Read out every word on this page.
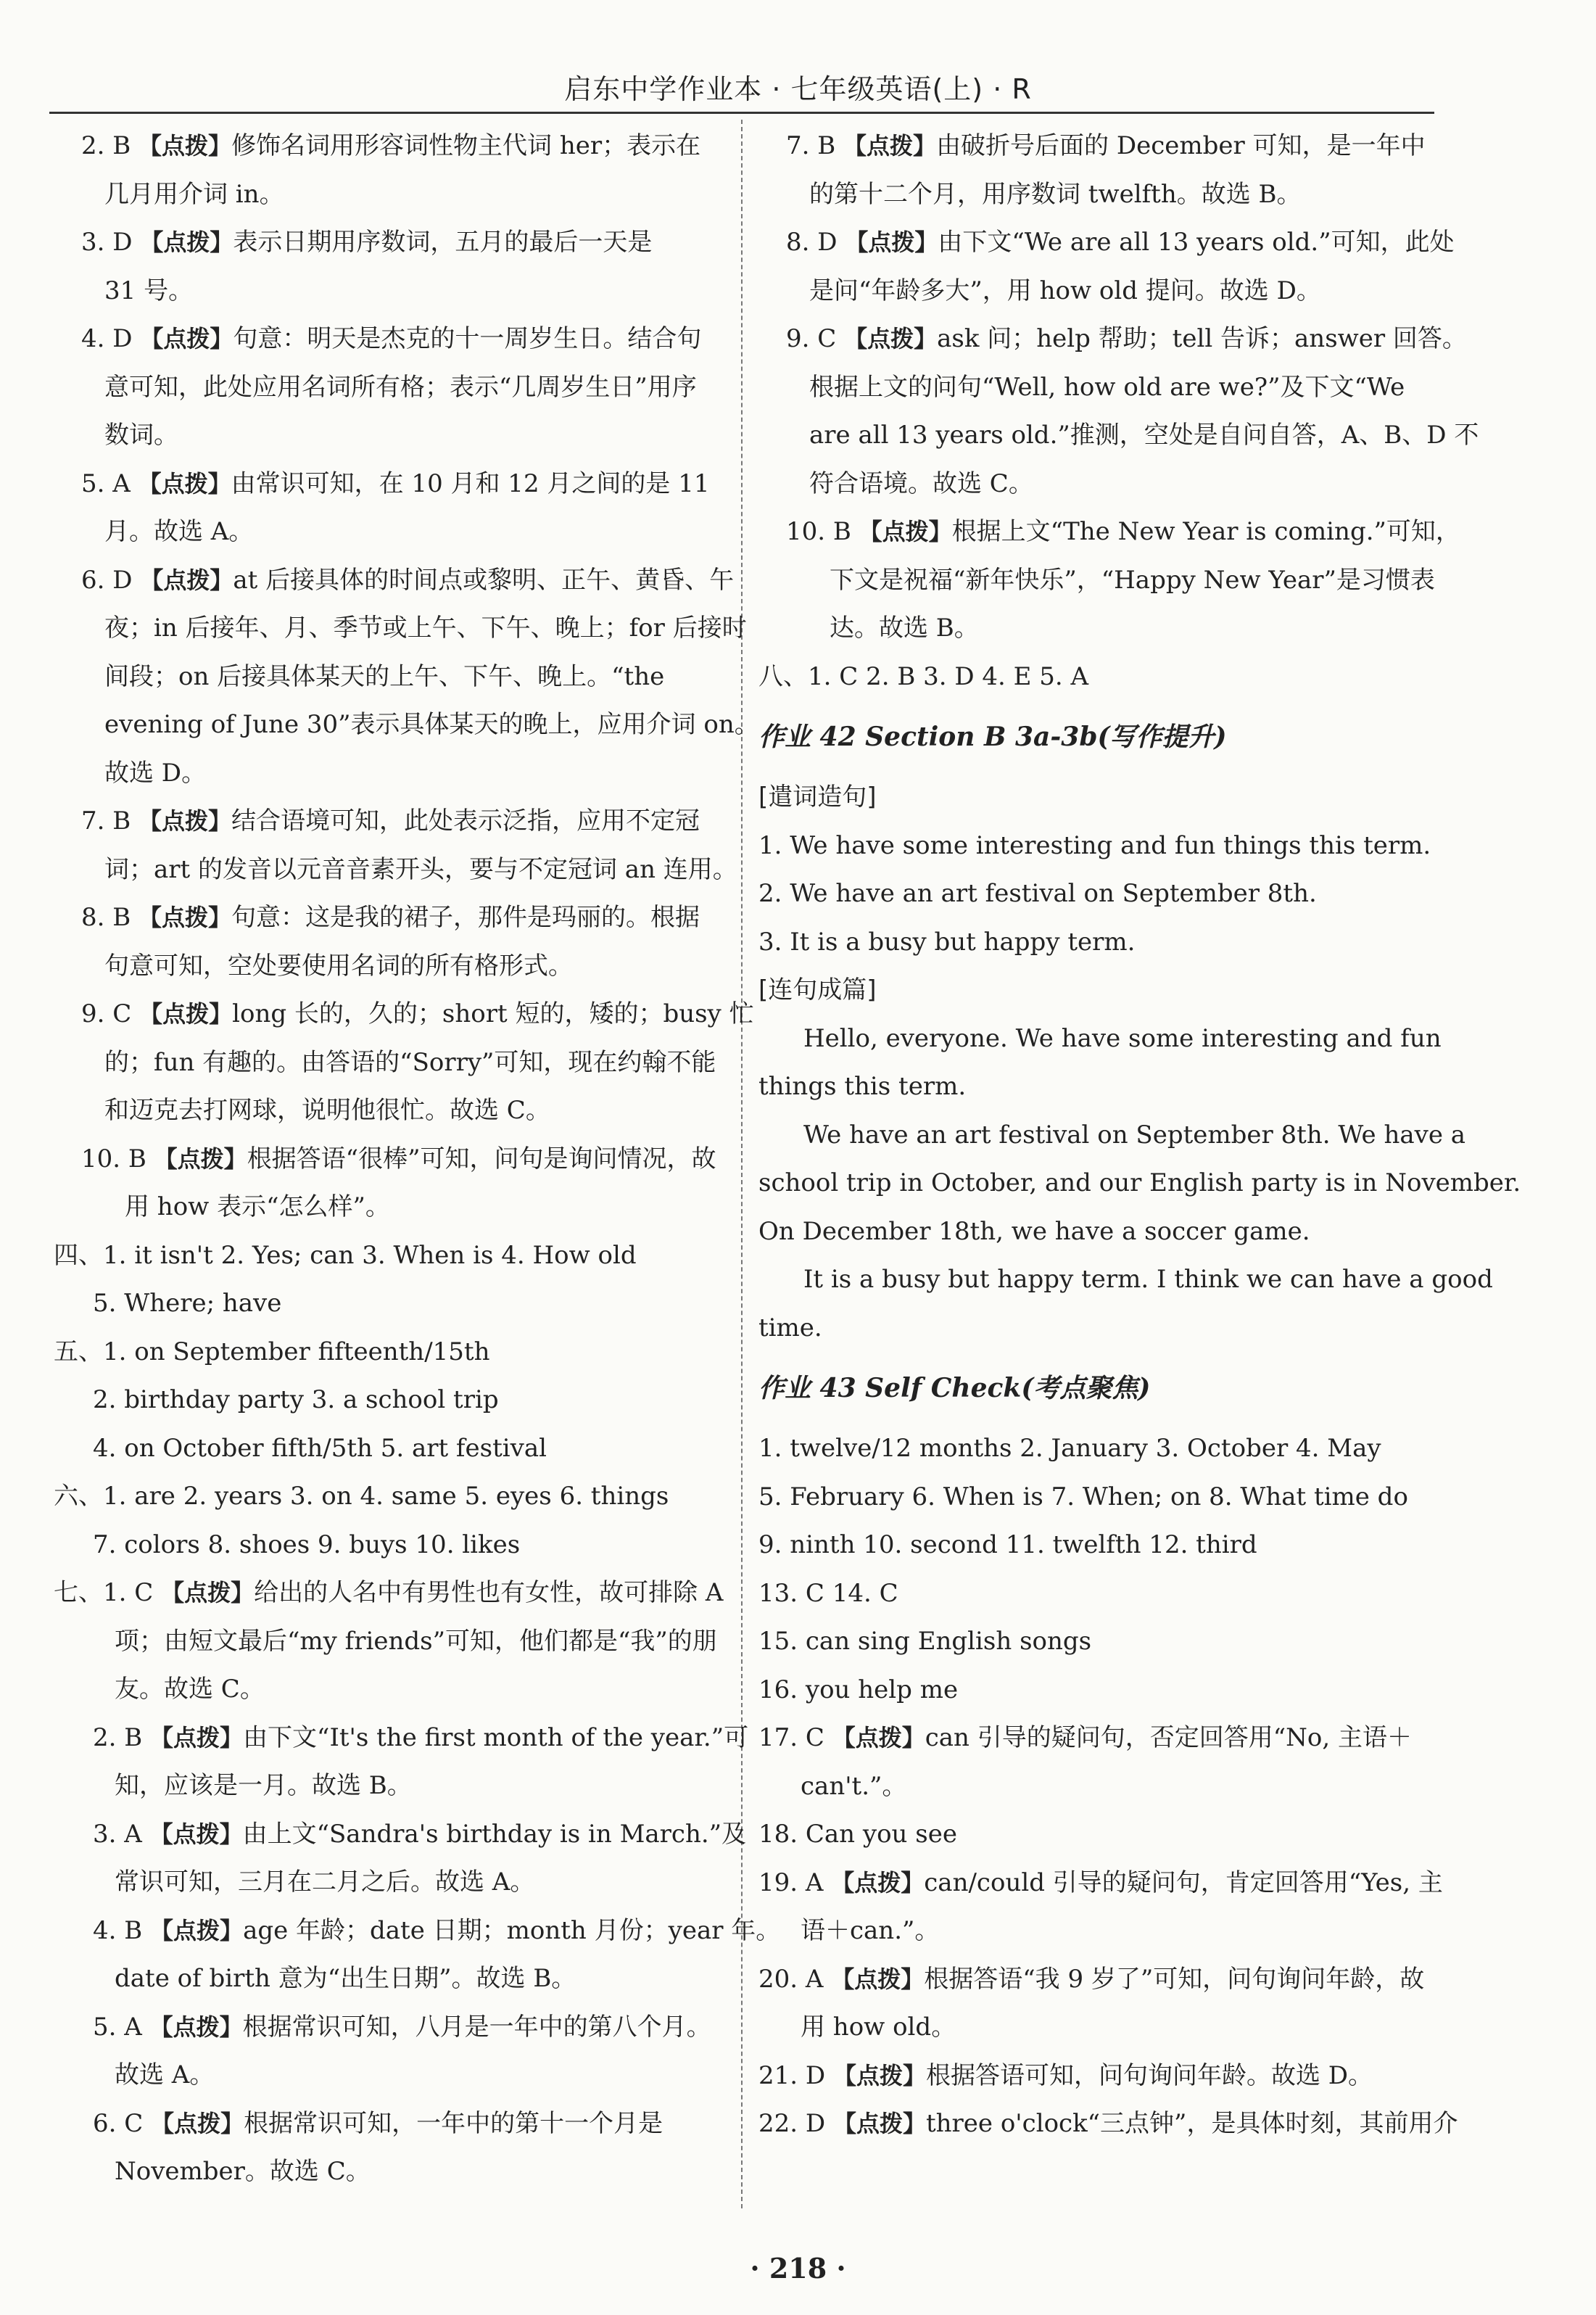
启东中学作业本 · 七年级英语(上) · R
2. B 【点拨】修饰名词用形容词性物主代词 her；表示在
几月用介词 in。
3. D 【点拨】表示日期用序数词，五月的最后一天是
31 号。
4. D 【点拨】句意：明天是杰克的十一周岁生日。结合句
意可知，此处应用名词所有格；表示“几周岁生日”用序
数词。
5. A 【点拨】由常识可知，在 10 月和 12 月之间的是 11
月。故选 A。
6. D 【点拨】at 后接具体的时间点或黎明、正午、黄昏、午
夜；in 后接年、月、季节或上午、下午、晚上；for 后接时
间段；on 后接具体某天的上午、下午、晚上。“the
evening of June 30”表示具体某天的晚上，应用介词 on。
故选 D。
7. B 【点拨】结合语境可知，此处表示泛指，应用不定冠
词；art 的发音以元音音素开头，要与不定冠词 an 连用。
8. B 【点拨】句意：这是我的裙子，那件是玛丽的。根据
句意可知，空处要使用名词的所有格形式。
9. C 【点拨】long 长的，久的；short 短的，矮的；busy 忙
的；fun 有趣的。由答语的“Sorry”可知，现在约翰不能
和迈克去打网球，说明他很忙。故选 C。
10. B 【点拨】根据答语“很棒”可知，问句是询问情况，故
用 how 表示“怎么样”。
四、1. it isn't 2. Yes; can 3. When is 4. How old
5. Where; have
五、1. on September fifteenth/15th
2. birthday party 3. a school trip
4. on October fifth/5th 5. art festival
六、1. are 2. years 3. on 4. same 5. eyes 6. things
7. colors 8. shoes 9. buys 10. likes
七、1. C 【点拨】给出的人名中有男性也有女性，故可排除 A
项；由短文最后“my friends”可知，他们都是“我”的朋
友。故选 C。
2. B 【点拨】由下文“It's the first month of the year.”可
知，应该是一月。故选 B。
3. A 【点拨】由上文“Sandra's birthday is in March.”及
常识可知，三月在二月之后。故选 A。
4. B 【点拨】age 年龄；date 日期；month 月份；year 年。
date of birth 意为“出生日期”。故选 B。
5. A 【点拨】根据常识可知，八月是一年中的第八个月。
故选 A。
6. C 【点拨】根据常识可知，一年中的第十一个月是
November。故选 C。
7. B 【点拨】由破折号后面的 December 可知，是一年中
的第十二个月，用序数词 twelfth。故选 B。
8. D 【点拨】由下文“We are all 13 years old.”可知，此处
是问“年龄多大”，用 how old 提问。故选 D。
9. C 【点拨】ask 问；help 帮助；tell 告诉；answer 回答。
根据上文的问句“Well, how old are we?”及下文“We
are all 13 years old.”推测，空处是自问自答，A、B、D 不
符合语境。故选 C。
10. B 【点拨】根据上文“The New Year is coming.”可知，
下文是祝福“新年快乐”，“Happy New Year”是习惯表
达。故选 B。
八、1. C 2. B 3. D 4. E 5. A
作业 42 Section B 3a-3b(写作提升)
[遣词造句]
1. We have some interesting and fun things this term.
2. We have an art festival on September 8th.
3. It is a busy but happy term.
[连句成篇]
Hello, everyone. We have some interesting and fun
things this term.
We have an art festival on September 8th. We have a
school trip in October, and our English party is in November.
On December 18th, we have a soccer game.
It is a busy but happy term. I think we can have a good
time.
作业 43 Self Check(考点聚焦)
1. twelve/12 months 2. January 3. October 4. May
5. February 6. When is 7. When; on 8. What time do
9. ninth 10. second 11. twelfth 12. third
13. C 14. C
15. can sing English songs
16. you help me
17. C 【点拨】can 引导的疑问句，否定回答用“No, 主语＋
can't.”。
18. Can you see
19. A 【点拨】can/could 引导的疑问句，肯定回答用“Yes, 主
语＋can.”。
20. A 【点拨】根据答语“我 9 岁了”可知，问句询问年龄，故
用 how old。
21. D 【点拨】根据答语可知，问句询问年龄。故选 D。
22. D 【点拨】three o'clock“三点钟”，是具体时刻，其前用介
· 218 ·
